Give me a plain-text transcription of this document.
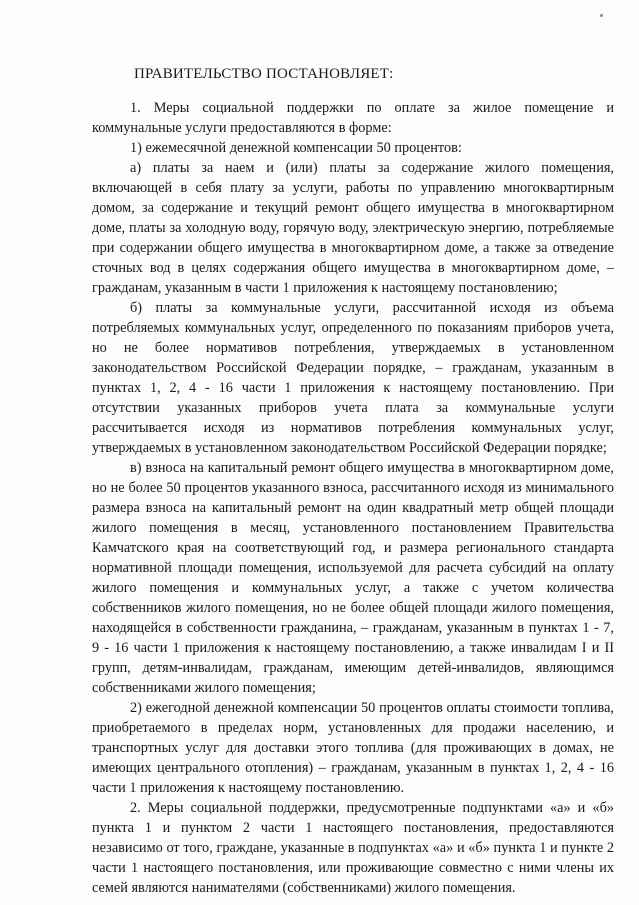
ПРАВИТЕЛЬСТВО ПОСТАНОВЛЯЕТ:

1. Меры социальной поддержки по оплате за жилое помещение и коммунальные услуги предоставляются в форме:

1) ежемесячной денежной компенсации 50 процентов:

а) платы за наем и (или) платы за содержание жилого помещения, включающей в себя плату за услуги, работы по управлению многоквартирным домом, за содержание и текущий ремонт общего имущества в многоквартирном доме, платы за холодную воду, горячую воду, электрическую энергию, потребляемые при содержании общего имущества в многоквартирном доме, а также за отведение сточных вод в целях содержания общего имущества в многоквартирном доме, – гражданам, указанным в части 1 приложения к настоящему постановлению;

б) платы за коммунальные услуги, рассчитанной исходя из объема потребляемых коммунальных услуг, определенного по показаниям приборов учета, но не более нормативов потребления, утверждаемых в установленном законодательством Российской Федерации порядке, – гражданам, указанным в пунктах 1, 2, 4 - 16 части 1 приложения к настоящему постановлению. При отсутствии указанных приборов учета плата за коммунальные услуги рассчитывается исходя из нормативов потребления коммунальных услуг, утверждаемых в установленном законодательством Российской Федерации порядке;

в) взноса на капитальный ремонт общего имущества в многоквартирном доме, но не более 50 процентов указанного взноса, рассчитанного исходя из минимального размера взноса на капитальный ремонт на один квадратный метр общей площади жилого помещения в месяц, установленного постановлением Правительства Камчатского края на соответствующий год, и размера регионального стандарта нормативной площади помещения, используемой для расчета субсидий на оплату жилого помещения и коммунальных услуг, а также с учетом количества собственников жилого помещения, но не более общей площади жилого помещения, находящейся в собственности гражданина, – гражданам, указанным в пунктах 1 - 7, 9 - 16 части 1 приложения к настоящему постановлению, а также инвалидам I и II групп, детям-инвалидам, гражданам, имеющим детей-инвалидов, являющимся собственниками жилого помещения;

2) ежегодной денежной компенсации 50 процентов оплаты стоимости топлива, приобретаемого в пределах норм, установленных для продажи населению, и транспортных услуг для доставки этого топлива (для проживающих в домах, не имеющих центрального отопления) – гражданам, указанным в пунктах 1, 2, 4 - 16 части 1 приложения к настоящему постановлению.

2. Меры социальной поддержки, предусмотренные подпунктами «а» и «б» пункта 1 и пунктом 2 части 1 настоящего постановления, предоставляются независимо от того, граждане, указанные в подпунктах «а» и «б» пункта 1 и пункте 2 части 1 настоящего постановления, или проживающие совместно с ними члены их семей являются нанимателями (собственниками) жилого помещения.
